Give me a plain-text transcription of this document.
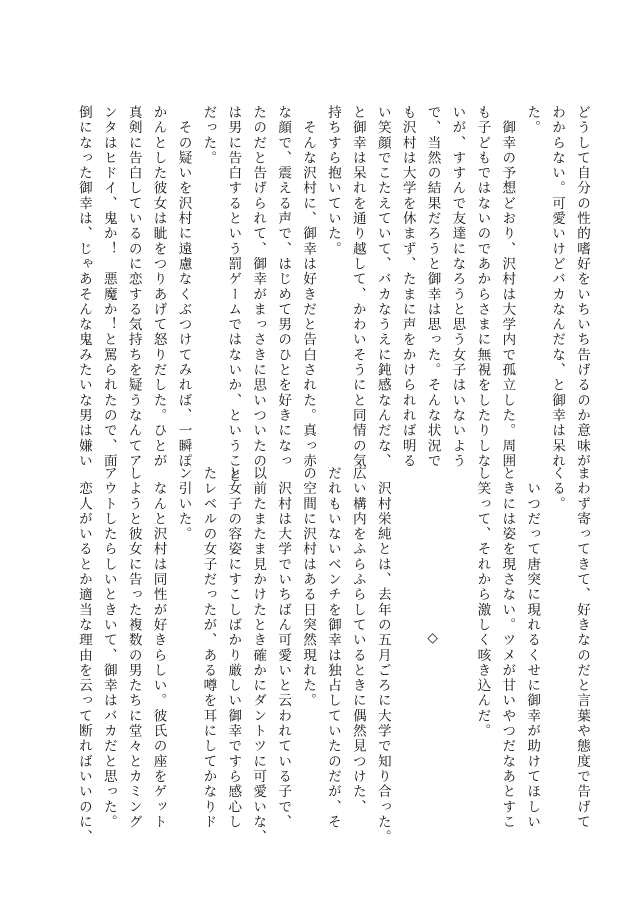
どうして自分の性的嗜好をいちいち告げるのか意味が
わからない。可愛いけどバカなんだな、と御幸は呆れ
た。
　御幸の予想どおり、沢村は大学内で孤立した。周囲
も子どもではないのであからさまに無視をしたりしな
いが、すすんで友達になろうと思う女子はいないよう
で、当然の結果だろうと御幸は思った。そんな状況で
も沢村は大学を休まず、たまに声をかけられれば明る
い笑顔でこたえていて、バカなうえに鈍感なんだな、
と御幸は呆れを通り越して、かわいそうにと同情の気
持ちすら抱いていた。
　そんな沢村に、御幸は好きだと告白された。真っ赤
な顔で、震える声で、はじめて男のひとを好きになっ
たのだと告げられて、御幸がまっさきに思いついたの
は男に告白するという罰ゲームではないか、ということ
だった。
　その疑いを沢村に遠慮なくぶつけてみれば、一瞬ぽ
かんとした彼女は眦をつりあげて怒りだした。ひとが
真剣に告白しているのに恋する気持ちを疑うなんてア
ンタはヒドイ、鬼か！　悪魔か！と罵られたので、面
倒になった御幸は、じゃあそんな鬼みたいな男は嫌い
まわず寄ってきて、好きなのだと言葉や態度で告げて
くる。
　いつだって唐突に現れるくせに御幸が助けてほしい
ときには姿を現さない。ツメが甘いやつだなあとすこ
し笑って、それから激しく咳き込んだ。

◇

　沢村栄純とは、去年の五月ごろに大学で知り合った。
広い構内をふらふらしているときに偶然見つけた、
だれもいないベンチを御幸は独占していたのだが、そ
の空間に沢村はある日突然現れた。
　沢村は大学でいちばん可愛いと云われている子で、
以前たまたま見かけたとき確かにダントツに可愛いな、
と女子の容姿にすこしばかり厳しい御幸ですら感心し
たレベルの女子だったが、ある噂を耳にしてかなりド
ン引いた。
　なんと沢村は同性が好きらしい。彼氏の座をゲット
しようと彼女に告った複数の男たちに堂々とカミング
アウトしたらしいときいて、御幸はバカだと思った。
　恋人がいるとか適当な理由を云って断ればいいのに、
